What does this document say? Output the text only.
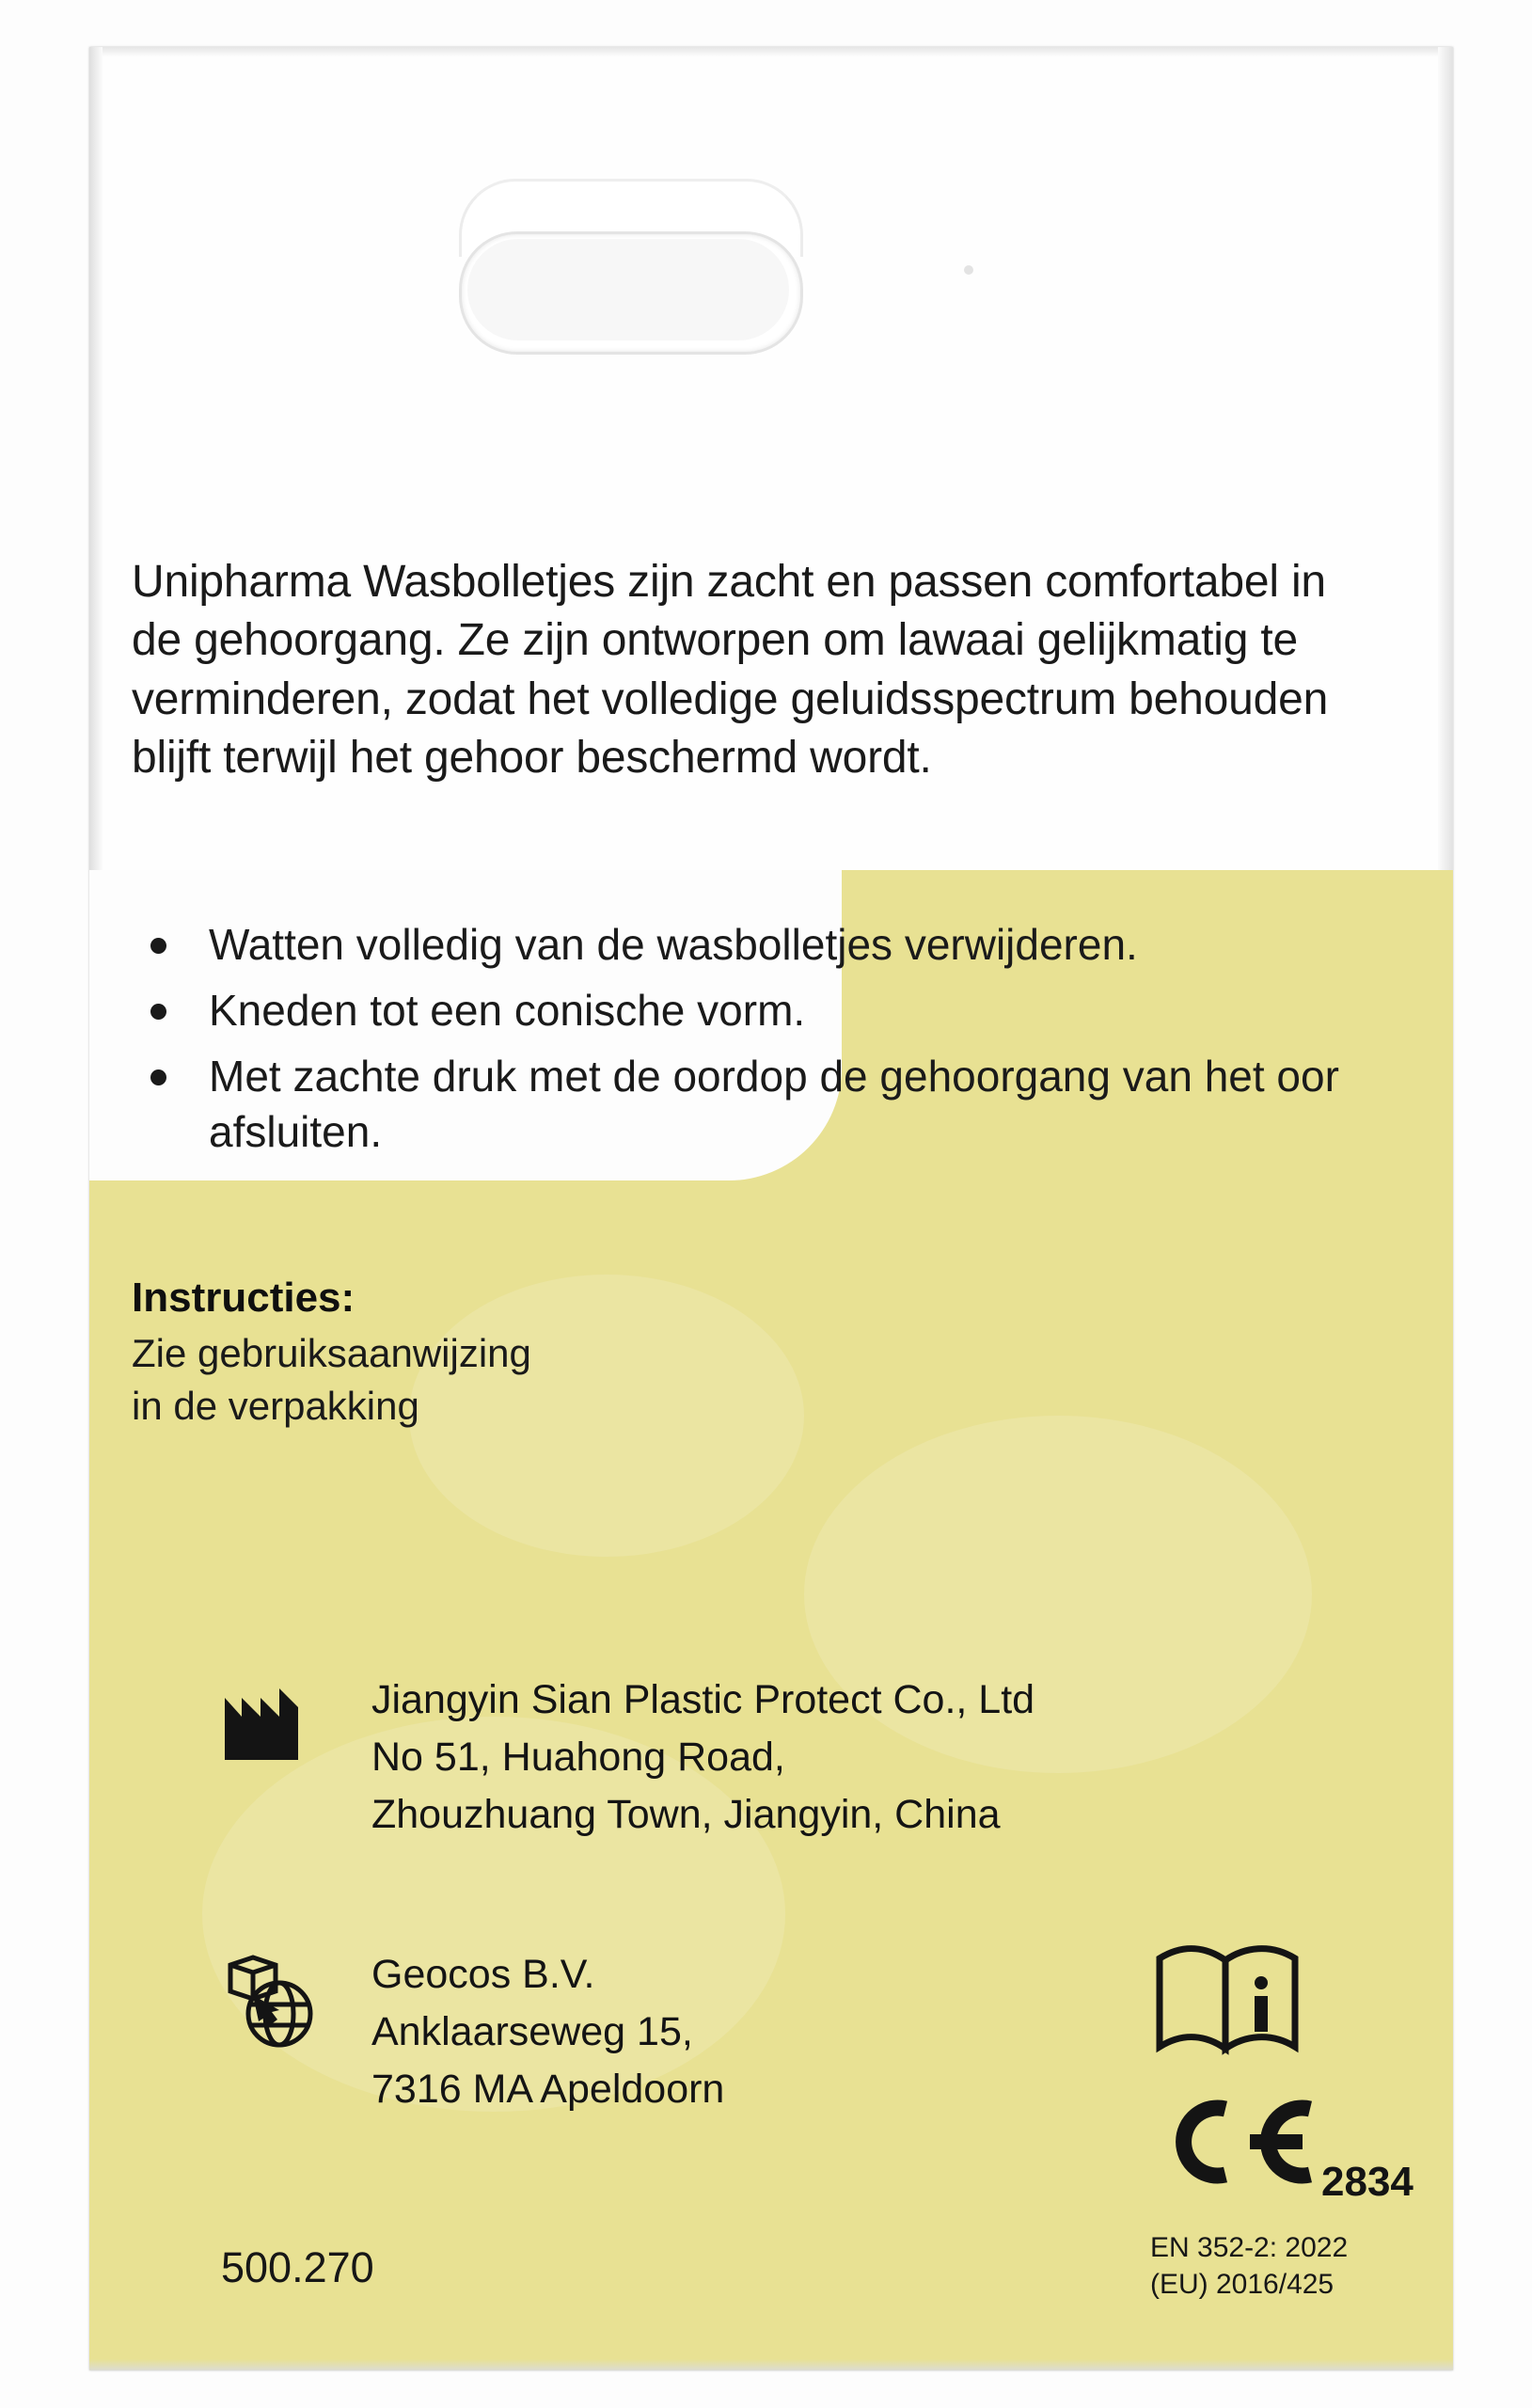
Unipharma Wasbolletjes zijn zacht en passen comfortabel in de gehoorgang. Ze zijn ontworpen om lawaai gelijkmatig te verminderen, zodat het volledige geluidsspectrum behouden blijft terwijl het gehoor beschermd wordt.

Watten volledig van de wasbolletjes verwijderen.
Kneden tot een conische vorm.
Met zachte druk met de oordop de gehoorgang van het oor afsluiten.
Instructies:
Zie gebruiksaanwijzing
in de verpakking
Jiangyin Sian Plastic Protect Co., Ltd
No 51, Huahong Road,
Zhouzhuang Town, Jiangyin, China
Geocos B.V.
Anklaarseweg 15,
7316 MA Apeldoorn
500.270
2834
EN 352-2: 2022
(EU) 2016/425
